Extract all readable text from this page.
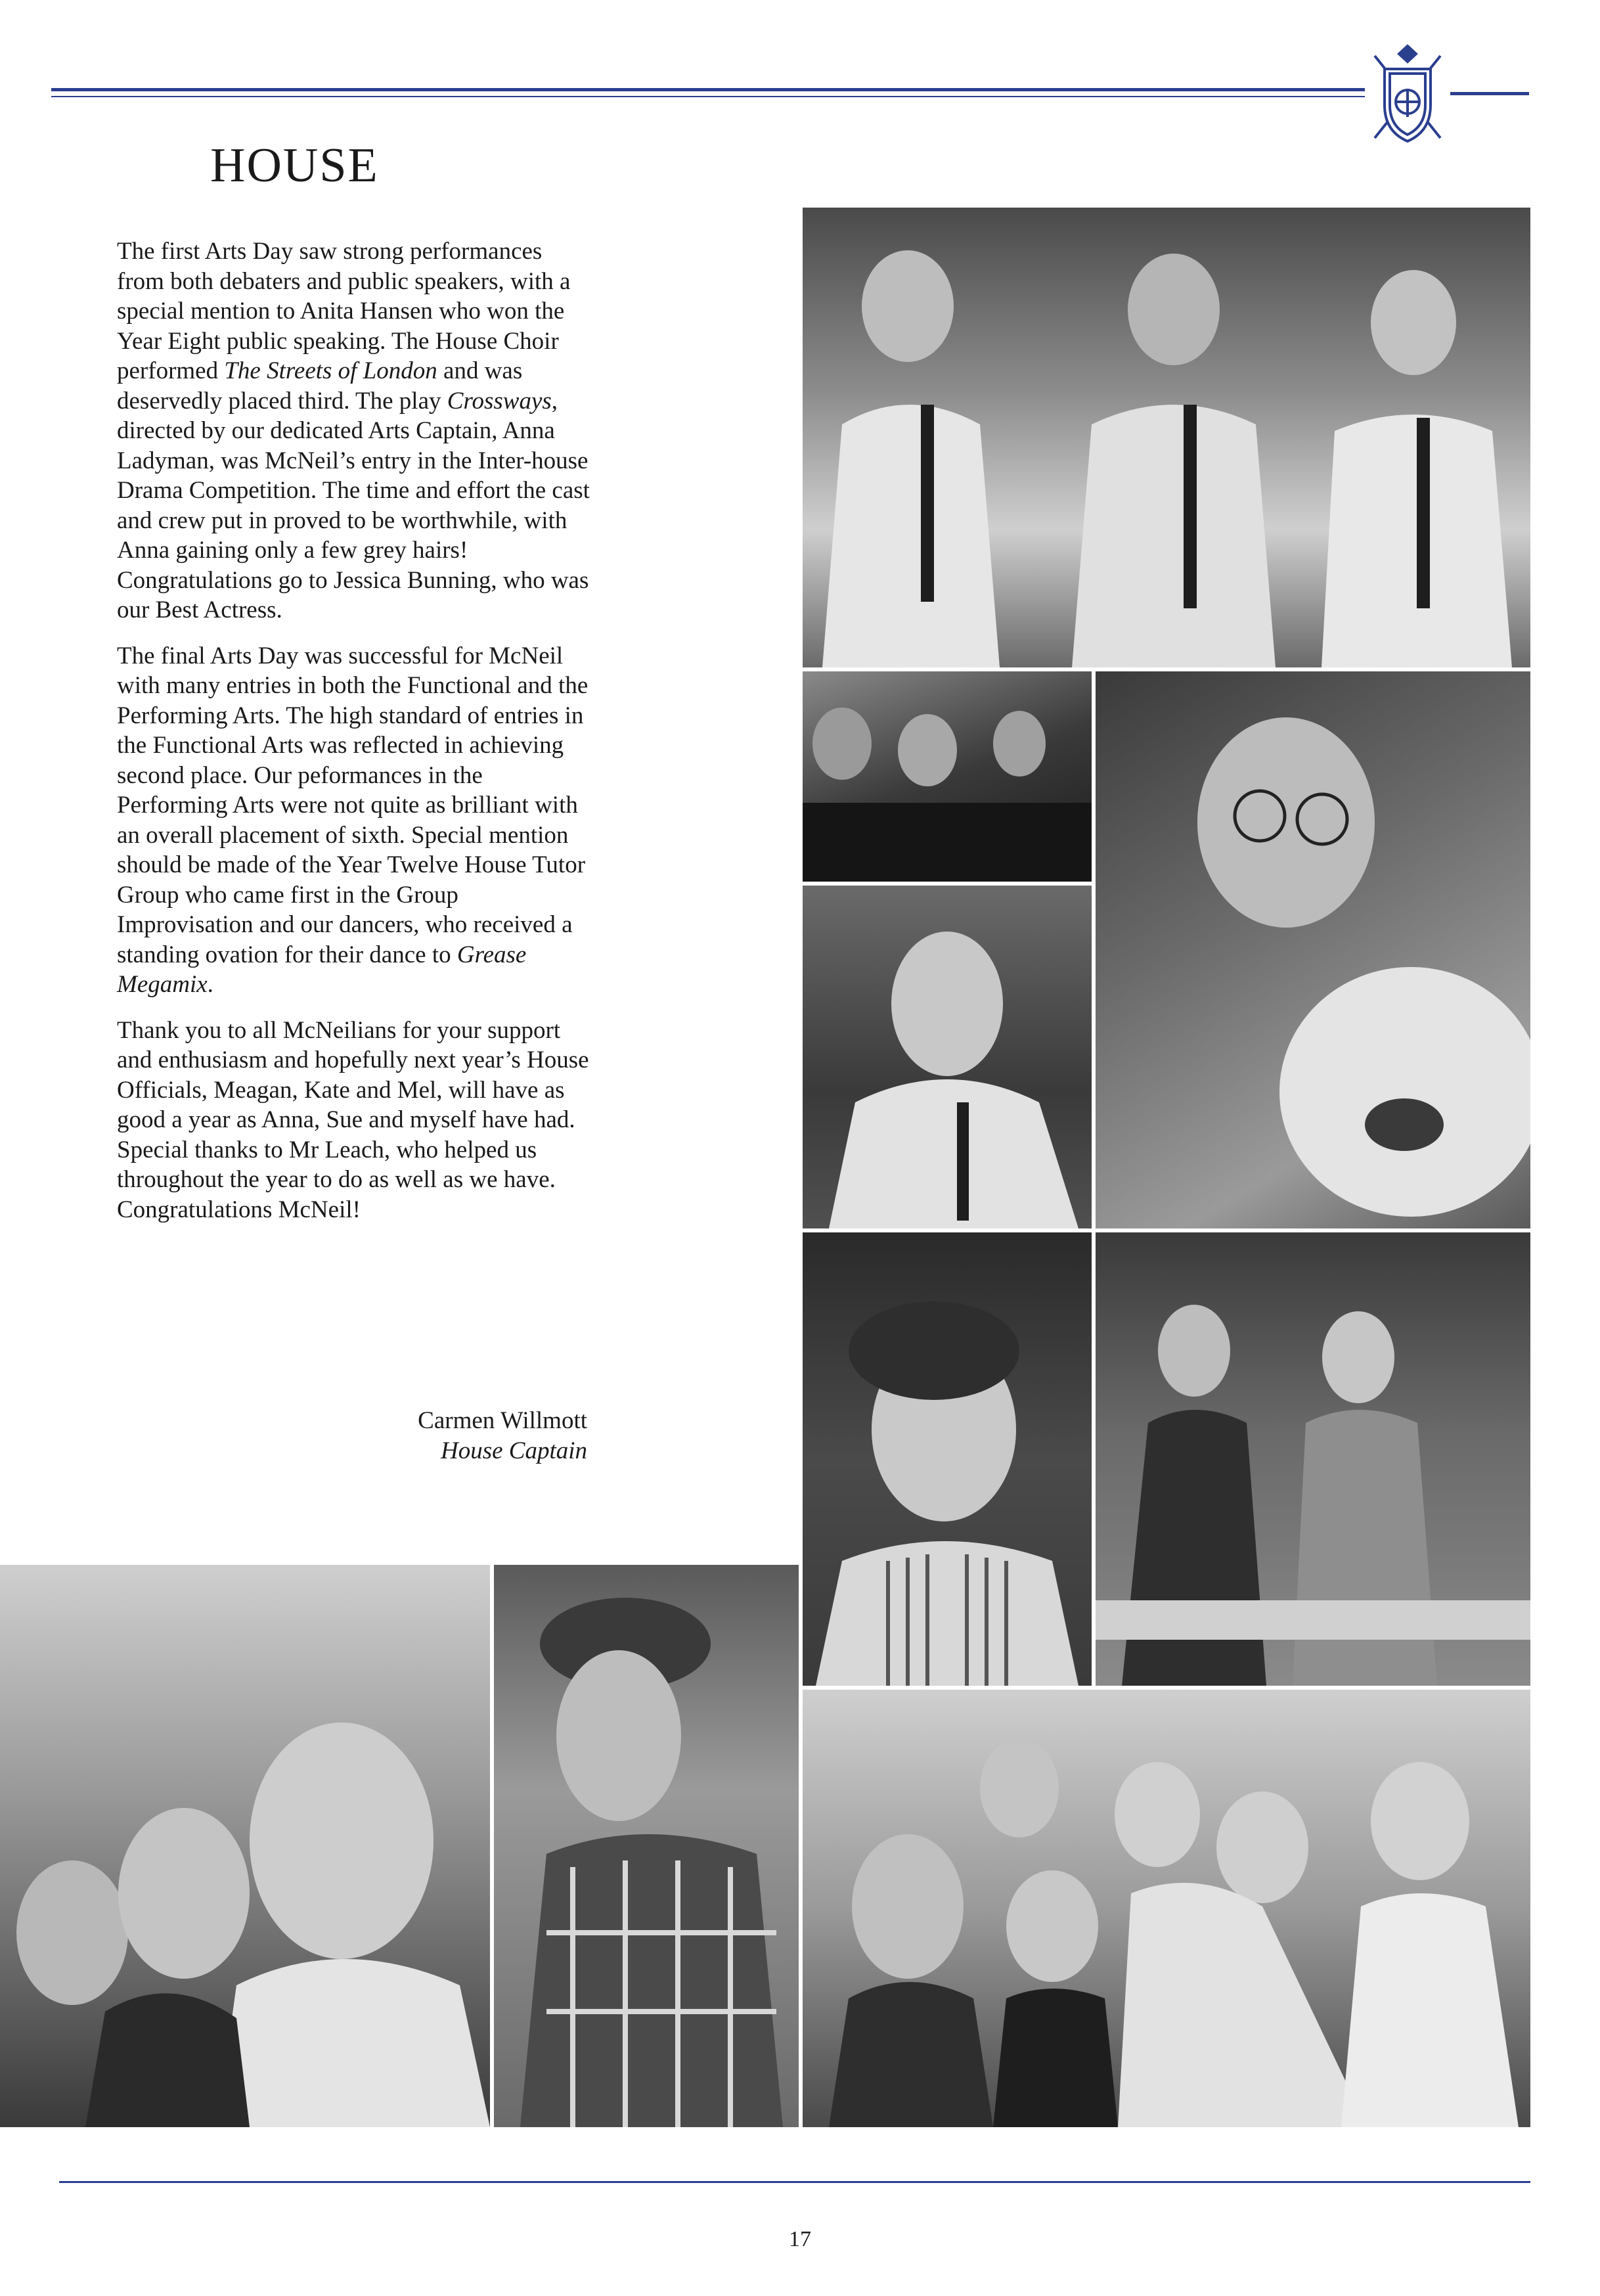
HOUSE

The first Arts Day saw strong performances from both debaters and public speakers, with a special mention to Anita Hansen who won the Year Eight public speaking. The House Choir performed The Streets of London and was deservedly placed third. The play Crossways, directed by our dedicated Arts Captain, Anna Ladyman, was McNeil’s entry in the Inter-house Drama Competition. The time and effort the cast and crew put in proved to be worthwhile, with Anna gaining only a few grey hairs! Congratulations go to Jessica Bunning, who was our Best Actress.

The final Arts Day was successful for McNeil with many entries in both the Functional and the Performing Arts. The high standard of entries in the Functional Arts was reflected in achieving second place. Our peformances in the Performing Arts were not quite as brilliant with an overall placement of sixth. Special mention should be made of the Year Twelve House Tutor Group who came first in the Group Improvisation and our dancers, who received a standing ovation for their dance to Grease Megamix.

Thank you to all McNeilians for your support and enthusiasm and hopefully next year’s House Officials, Meagan, Kate and Mel, will have as good a year as Anna, Sue and myself have had. Special thanks to Mr Leach, who helped us throughout the year to do as well as we have. Congratulations McNeil!

Carmen Willmott
House Captain
17
